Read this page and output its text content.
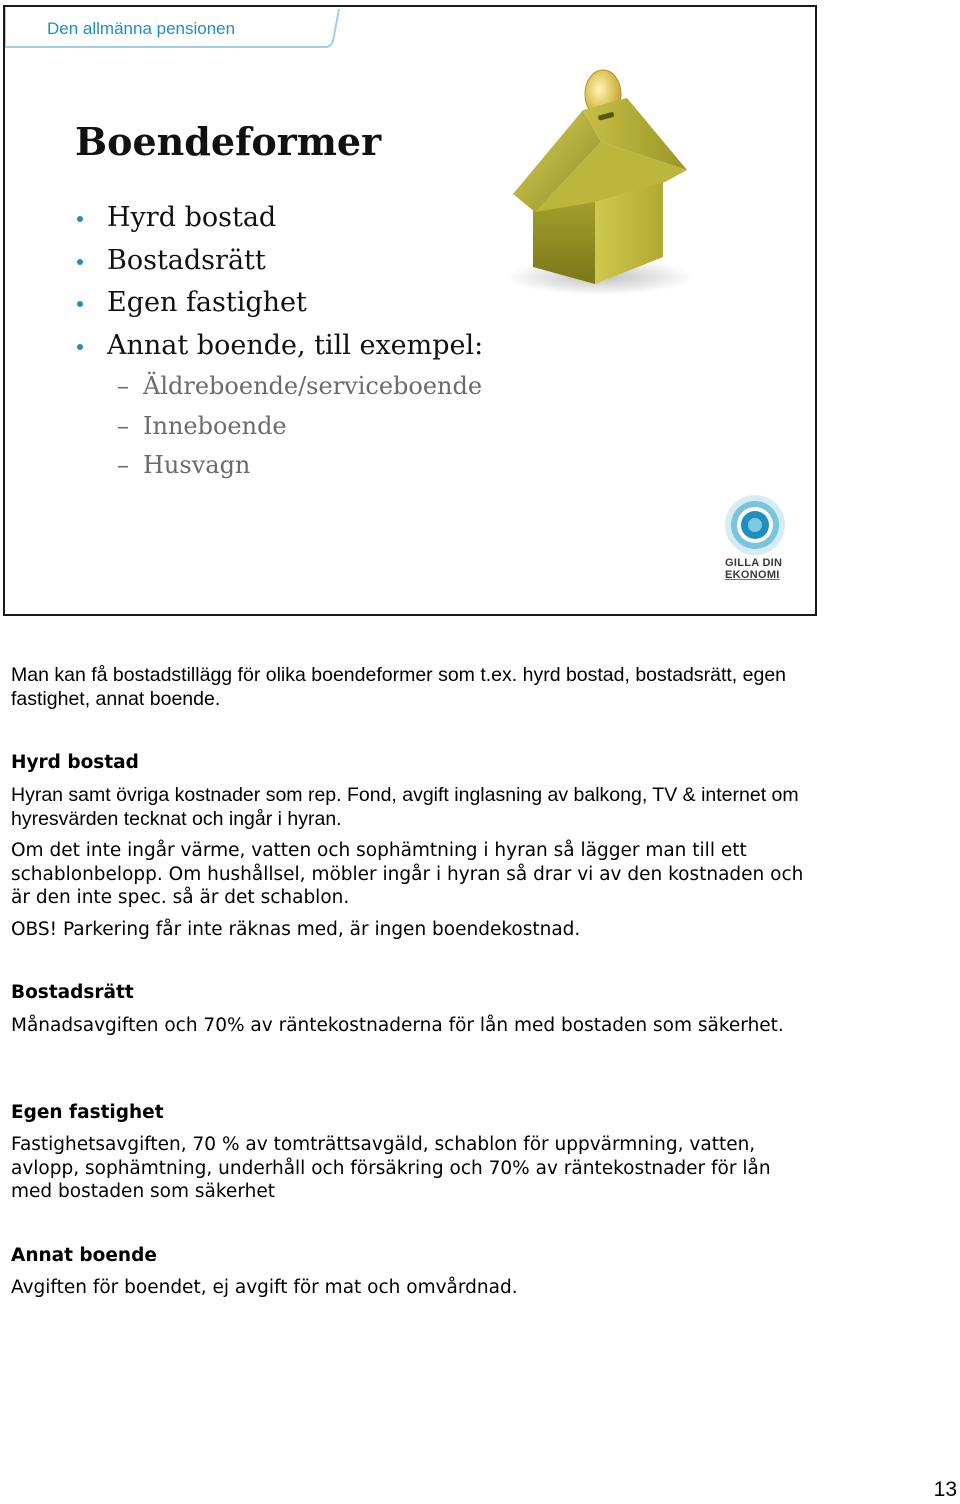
Den allmänna pensionen
Boendeformer
Hyrd bostad
Bostadsrätt
Egen fastighet
Annat boende, till exempel:
– Äldreboende/serviceboende
– Inneboende
– Husvagn
GILLA DIN
EKONOMI

Man kan få bostadstillägg för olika boendeformer som t.ex. hyrd bostad, bostadsrätt, egen fastighet, annat boende.

Hyrd bostad

Hyran samt övriga kostnader som rep. Fond, avgift inglasning av balkong, TV & internet om hyresvärden tecknat och ingår i hyran.

Om det inte ingår värme, vatten och sophämtning i hyran så lägger man till ett schablonbelopp. Om hushållsel, möbler ingår i hyran så drar vi av den kostnaden och är den inte spec. så är det schablon.

OBS! Parkering får inte räknas med, är ingen boendekostnad.

Bostadsrätt

Månadsavgiften och 70% av räntekostnaderna för lån med bostaden som säkerhet.

Egen fastighet

Fastighetsavgiften, 70 % av tomträttsavgäld, schablon för uppvärmning, vatten, avlopp, sophämtning, underhåll och försäkring och 70% av räntekostnader för lån med bostaden som säkerhet

Annat boende

Avgiften för boendet, ej avgift för mat och omvårdnad.

13
